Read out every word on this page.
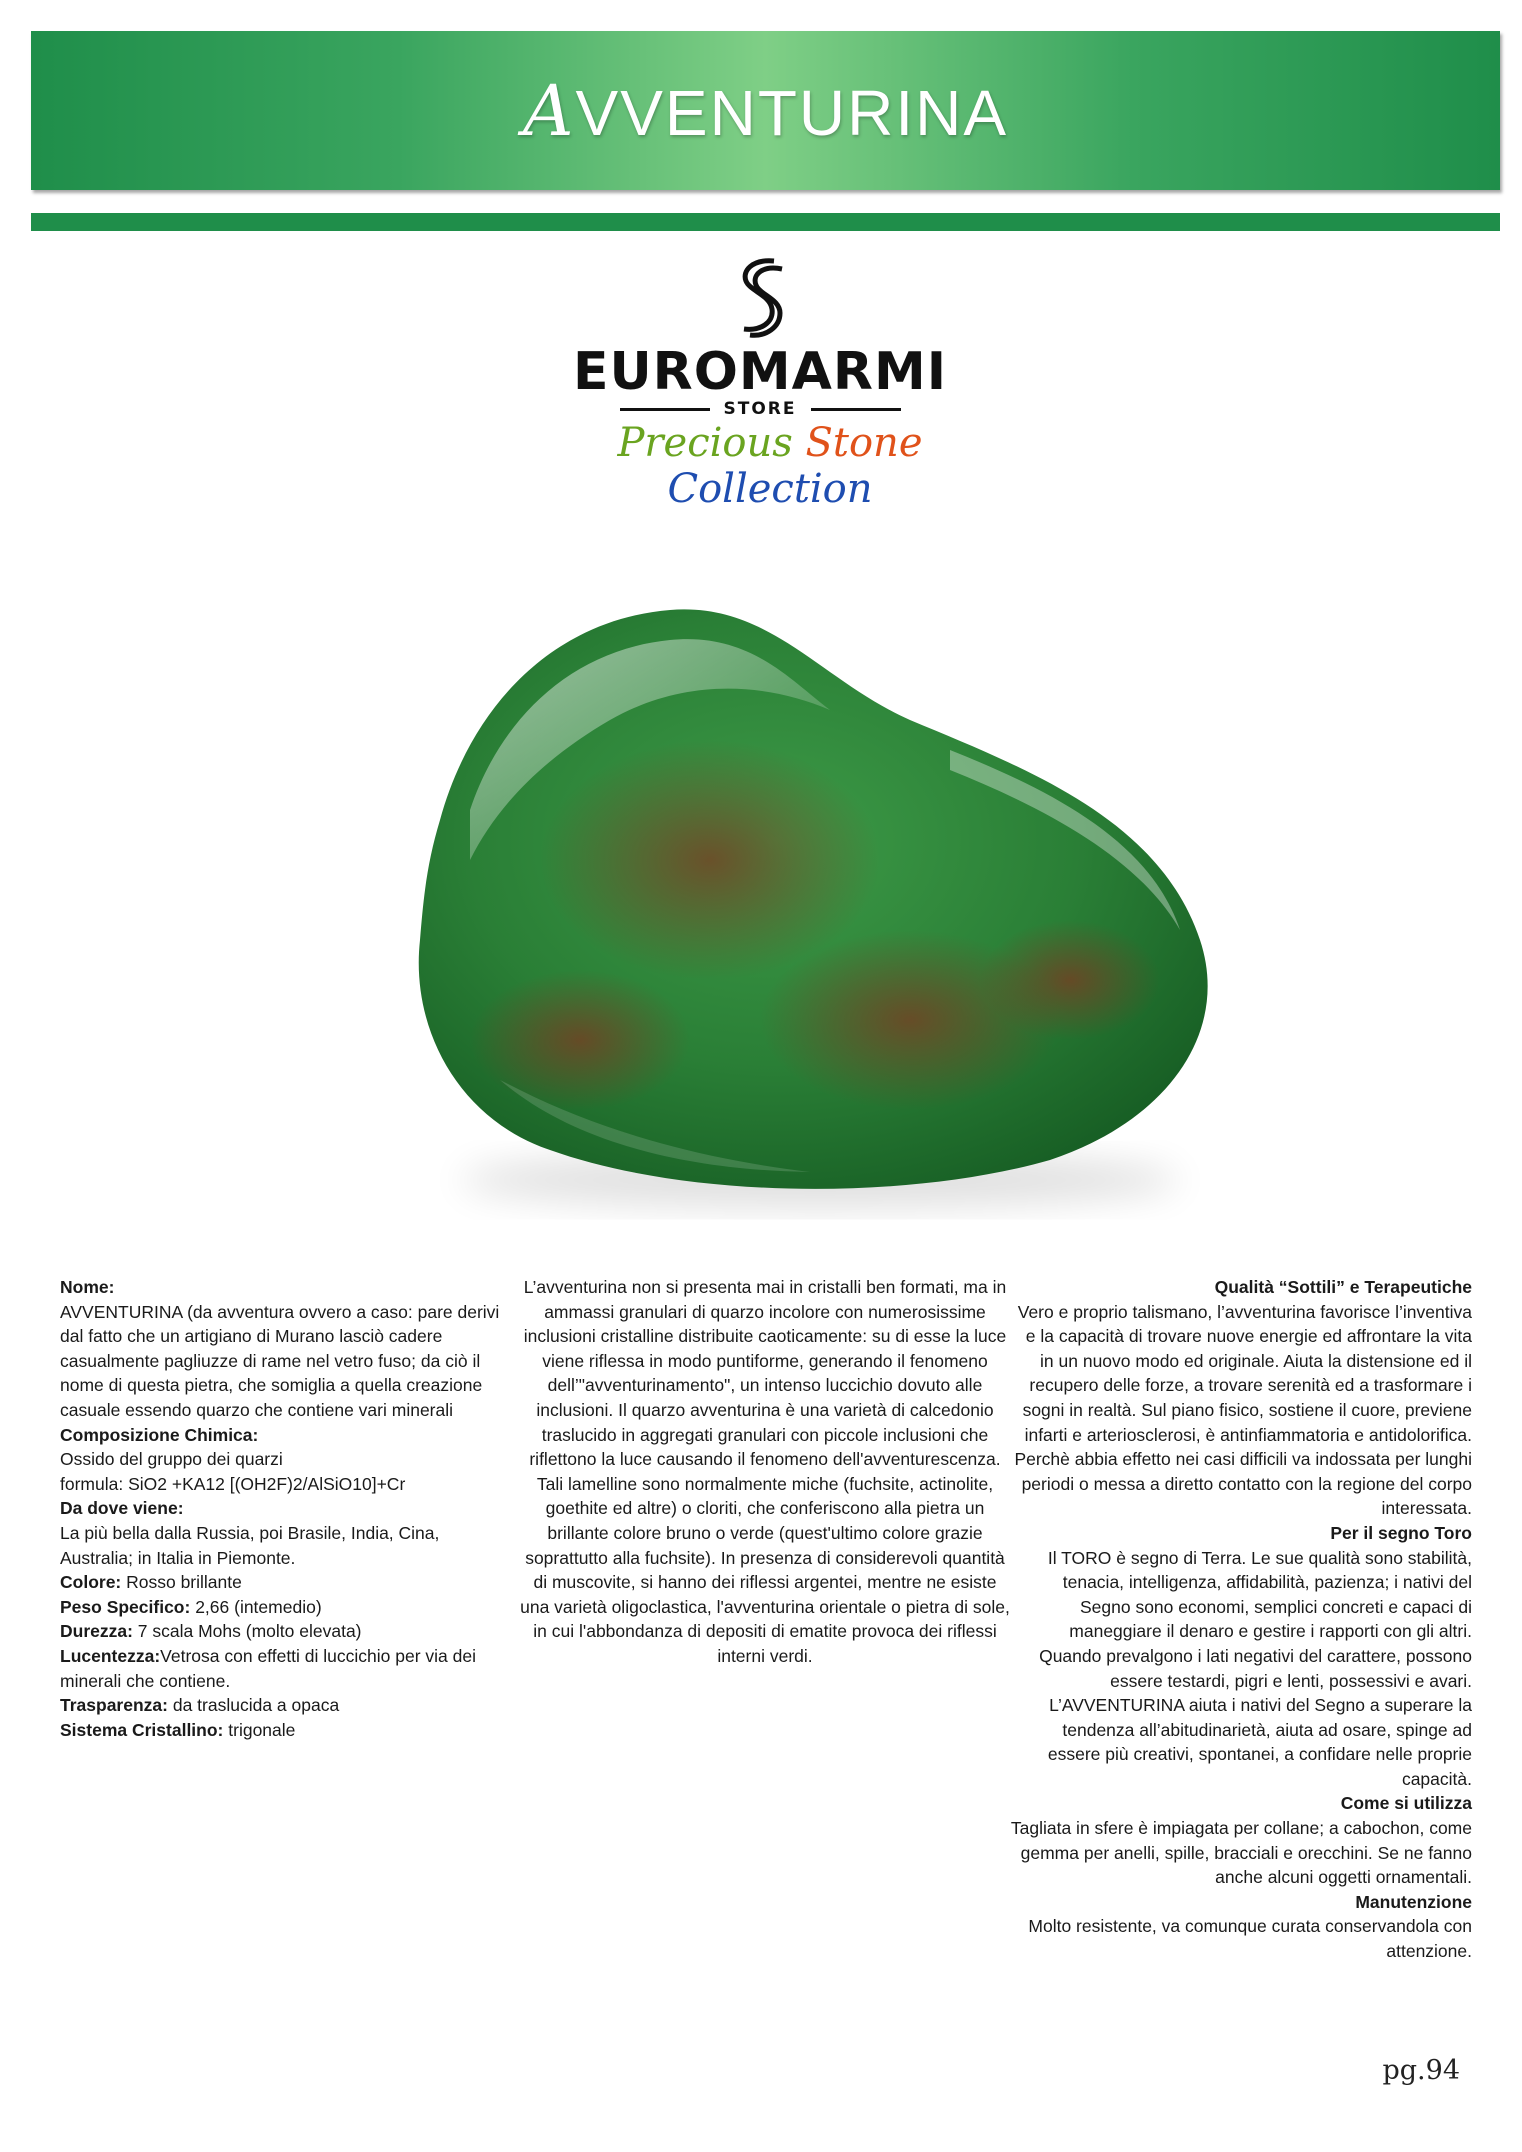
AVVENTURINA
EUROMARMI
STORE
Precious Stone Collection

Nome:

AVVENTURINA (da avventura ovvero a caso: pare derivi dal fatto che un artigiano di Murano lasciò cadere casualmente pagliuzze di rame nel vetro fuso; da ciò il nome di questa pietra, che somiglia a quella creazione casuale essendo quarzo che contiene vari minerali

Composizione Chimica:

Ossido del gruppo dei quarzi

formula: SiO2 +KA12 [(OH2F)2/AlSiO10]+Cr

Da dove viene:

La più bella dalla Russia, poi Brasile, India, Cina, Australia; in Italia in Piemonte.

Colore: Rosso brillante

Peso Specifico: 2,66 (intemedio)

Durezza: 7 scala Mohs (molto elevata)

Lucentezza:Vetrosa con effetti di luccichio per via dei minerali che contiene.

Trasparenza: da traslucida a opaca

Sistema Cristallino: trigonale

L’avventurina non si presenta mai in cristalli ben formati, ma in ammassi granulari di quarzo incolore con numerosissime inclusioni cristalline distribuite caoticamente: su di esse la luce viene riflessa in modo puntiforme, generando il fenomeno dell’"avventurinamento", un intenso luccichio dovuto alle inclusioni. Il quarzo avventurina è una varietà di calcedonio traslucido in aggregati granulari con piccole inclusioni che riflettono la luce causando il fenomeno dell'avventurescenza. Tali lamelline sono normalmente miche (fuchsite, actinolite, goethite ed altre) o cloriti, che conferiscono alla pietra un brillante colore bruno o verde (quest'ultimo colore grazie soprattutto alla fuchsite). In presenza di considerevoli quantità di muscovite, si hanno dei riflessi argentei, mentre ne esiste una varietà oligoclastica, l'avventurina orientale o pietra di sole, in cui l'abbondanza di depositi di ematite provoca dei riflessi interni verdi.

Qualità “Sottili” e Terapeutiche

Vero e proprio talismano, l’avventurina favorisce l’inventiva e la capacità di trovare nuove energie ed affrontare la vita in un nuovo modo ed originale. Aiuta la distensione ed il recupero delle forze, a trovare serenità ed a trasformare i sogni in realtà. Sul piano fisico, sostiene il cuore, previene infarti e arteriosclerosi, è antinfiammatoria e antidolorifica. Perchè abbia effetto nei casi difficili va indossata per lunghi periodi o messa a diretto contatto con la regione del corpo interessata.

Per il segno Toro

Il TORO è segno di Terra. Le sue qualità sono stabilità, tenacia, intelligenza, affidabilità, pazienza; i nativi del Segno sono economi, semplici concreti e capaci di maneggiare il denaro e gestire i rapporti con gli altri. Quando prevalgono i lati negativi del carattere, possono essere testardi, pigri e lenti, possessivi e avari. L’AVVENTURINA aiuta i nativi del Segno a superare la tendenza all’abitudinarietà, aiuta ad osare, spinge ad essere più creativi, spontanei, a confidare nelle proprie capacità.

Come si utilizza

Tagliata in sfere è impiagata per collane; a cabochon, come gemma per anelli, spille, bracciali e orecchini. Se ne fanno anche alcuni oggetti ornamentali.

Manutenzione

Molto resistente, va comunque curata conservandola con attenzione.

pg.94
